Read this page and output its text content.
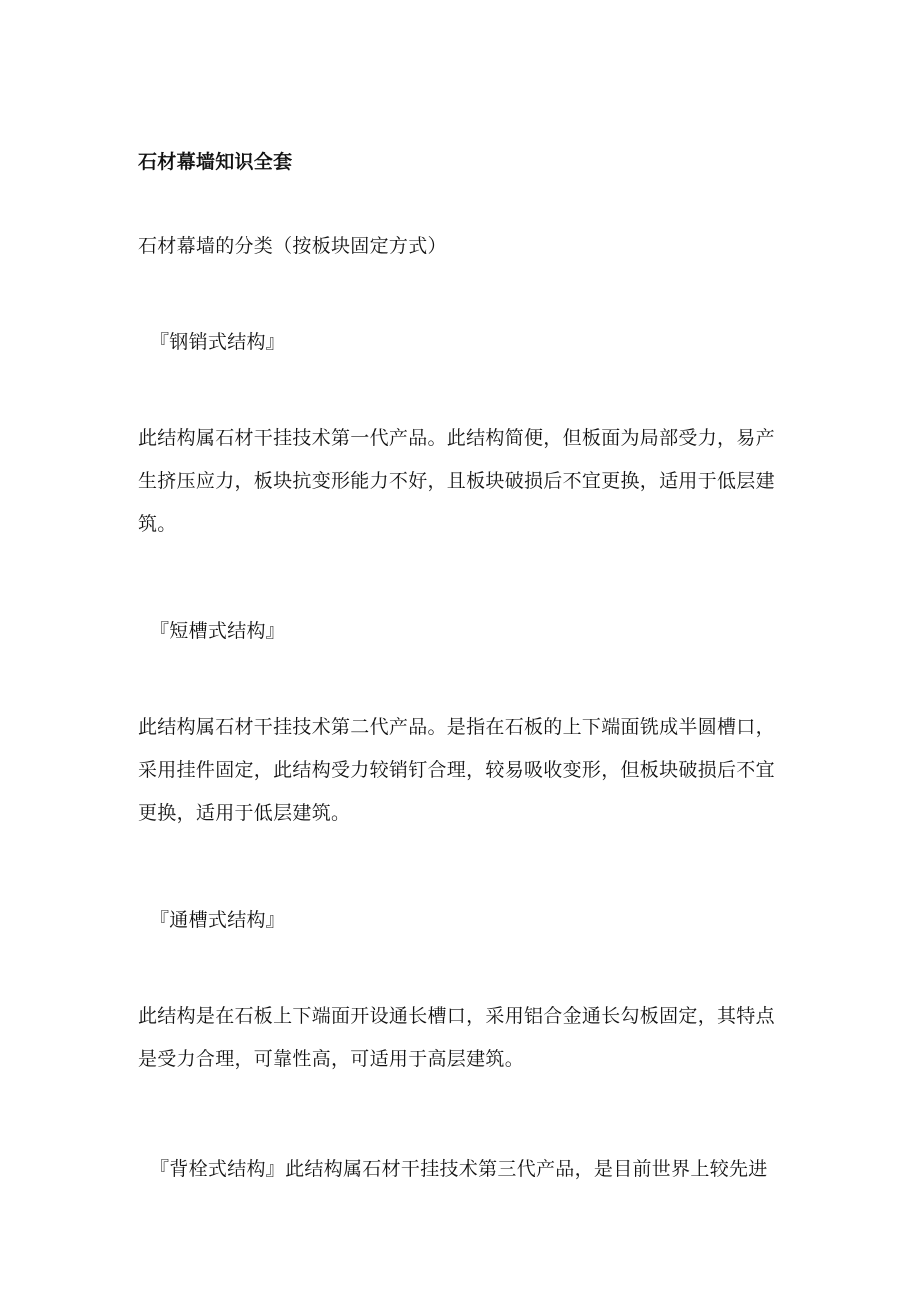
石材幕墙知识全套

石材幕墙的分类（按板块固定方式）

『钢销式结构』

此结构属石材干挂技术第一代产品。此结构简便，但板面为局部受力，易产生挤压应力，板块抗变形能力不好，且板块破损后不宜更换，适用于低层建筑。

『短槽式结构』

此结构属石材干挂技术第二代产品。是指在石板的上下端面铣成半圆槽口，采用挂件固定，此结构受力较销钉合理，较易吸收变形，但板块破损后不宜更换，适用于低层建筑。

『通槽式结构』

此结构是在石板上下端面开设通长槽口，采用铝合金通长勾板固定，其特点是受力合理，可靠性高，可适用于高层建筑。

『背栓式结构』此结构属石材干挂技术第三代产品，是目前世界上较先进
